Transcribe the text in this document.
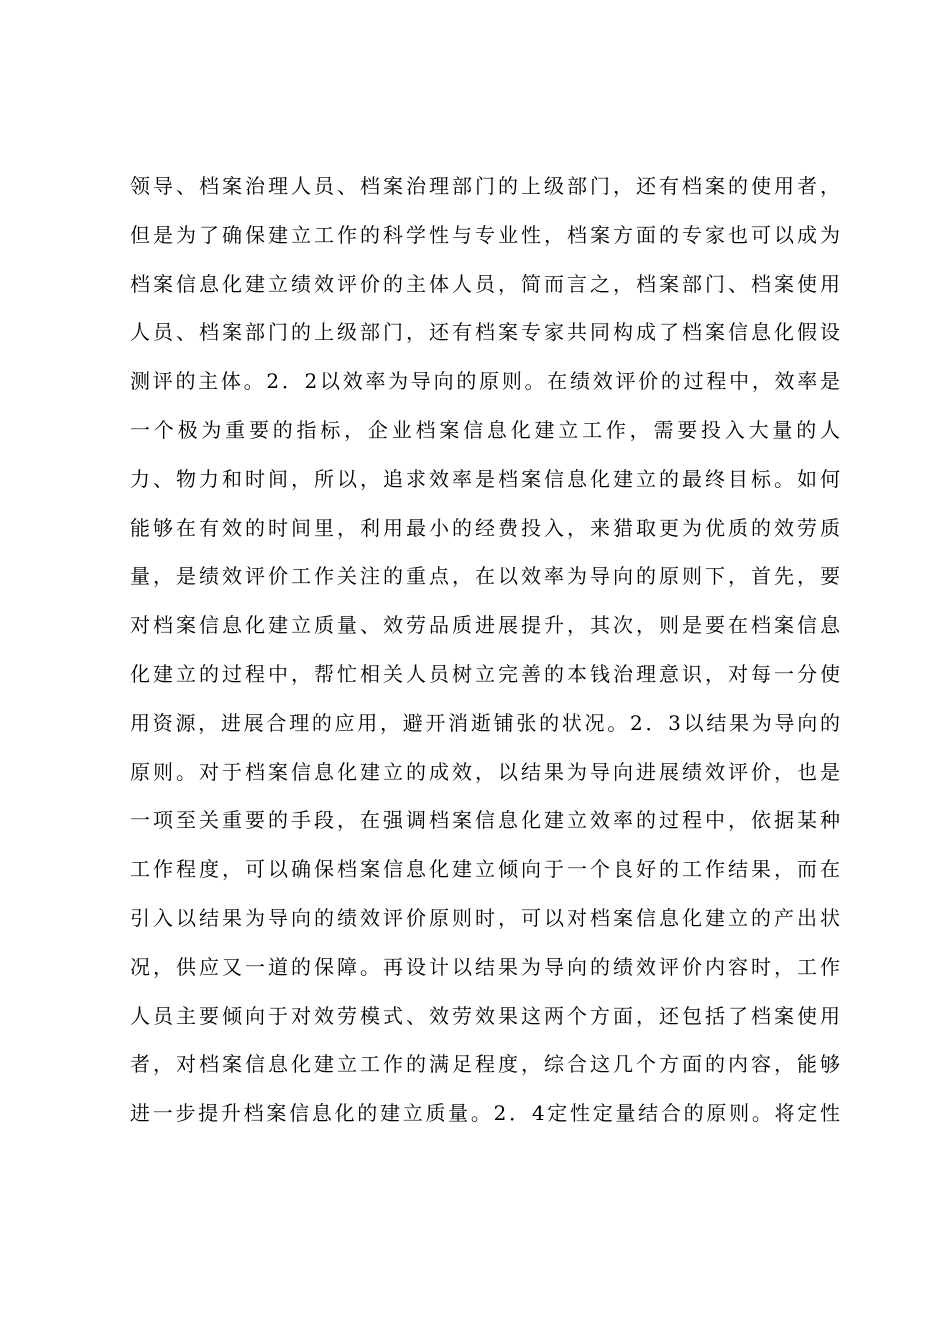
领导、档案治理人员、档案治理部门的上级部门，还有档案的使用者，
但是为了确保建立工作的科学性与专业性，档案方面的专家也可以成为
档案信息化建立绩效评价的主体人员，简而言之，档案部门、档案使用
人员、档案部门的上级部门，还有档案专家共同构成了档案信息化假设
测评的主体。2．2以效率为导向的原则。在绩效评价的过程中，效率是
一个极为重要的指标，企业档案信息化建立工作，需要投入大量的人
力、物力和时间，所以，追求效率是档案信息化建立的最终目标。如何
能够在有效的时间里，利用最小的经费投入，来猎取更为优质的效劳质
量，是绩效评价工作关注的重点，在以效率为导向的原则下，首先，要
对档案信息化建立质量、效劳品质进展提升，其次，则是要在档案信息
化建立的过程中，帮忙相关人员树立完善的本钱治理意识，对每一分使
用资源，进展合理的应用，避开消逝铺张的状况。2．3以结果为导向的
原则。对于档案信息化建立的成效，以结果为导向进展绩效评价，也是
一项至关重要的手段，在强调档案信息化建立效率的过程中，依据某种
工作程度，可以确保档案信息化建立倾向于一个良好的工作结果，而在
引入以结果为导向的绩效评价原则时，可以对档案信息化建立的产出状
况，供应又一道的保障。再设计以结果为导向的绩效评价内容时，工作
人员主要倾向于对效劳模式、效劳效果这两个方面，还包括了档案使用
者，对档案信息化建立工作的满足程度，综合这几个方面的内容，能够
进一步提升档案信息化的建立质量。2．4定性定量结合的原则。将定性
